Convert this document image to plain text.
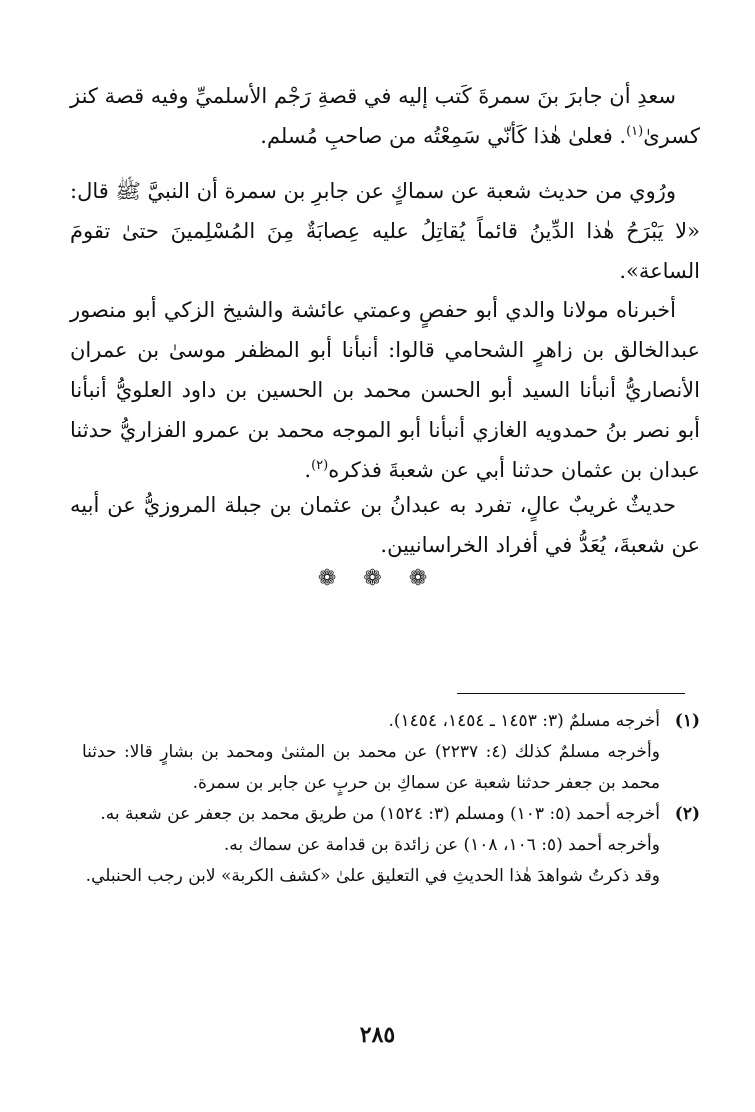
سعدِ أن جابرَ بنَ سمرةَ كَتب إليه في قصةِ رَجْم الأسلميِّ وفيه قصة كنز كسرىٰ$^{(١)}$. فعلىٰ هٰذا كَأنّي سَمِعْتُه من صاحبِ مُسلم.

ورُوي من حديث شعبة عن سماكٍ عن جابرِ بن سمرة أن النبيَّ ﷺ قال: «لا يَبْرَحُ هٰذا الدِّينُ قائماً يُقاتِلُ عليه عِصابَةٌ مِنَ المُسْلِمينَ حتىٰ تقومَ الساعة».

أخبرناه مولانا والدي أبو حفصٍ وعمتي عائشة والشيخ الزكي أبو منصور عبدالخالق بن زاهرٍ الشحامي قالوا: أنبأنا أبو المظفر موسىٰ بن عمران الأنصاريُّ أنبأنا السيد أبو الحسن محمد بن الحسين بن داود العلويُّ أنبأنا أبو نصر بنُ حمدويه الغازي أنبأنا أبو الموجه محمد بن عمرو الفزاريُّ حدثنا عبدان بن عثمان حدثنا أبي عن شعبةَ فذكره$^{(٢)}$.

حديثٌ غريبٌ عالٍ، تفرد به عبدانُ بن عثمان بن جبلة المروزيُّ عن أبيه عن شعبةَ، يُعَدُّ في أفراد الخراسانيين.

❁ ❁ ❁
(١)
أخرجه مسلمٌ (٣: ١٤٥٣ ـ ١٤٥٤، ١٤٥٤).
وأخرجه مسلمٌ كذلك (٤: ٢٢٣٧) عن محمد بن المثنىٰ ومحمد بن بشارٍ قالا: حدثنا محمد بن جعفر حدثنا شعبة عن سماكِ بن حربٍ عن جابر بن سمرة.
(٢)
أخرجه أحمد (٥: ١٠٣) ومسلم (٣: ١٥٢٤) من طريق محمد بن جعفر عن شعبة به.
وأخرجه أحمد (٥: ١٠٦، ١٠٨) عن زائدة بن قدامة عن سماك به.
وقد ذكرتُ شواهدَ هٰذا الحديثِ في التعليق علىٰ «كشف الكربة» لابن رجب الحنبلي.
٢٨٥
